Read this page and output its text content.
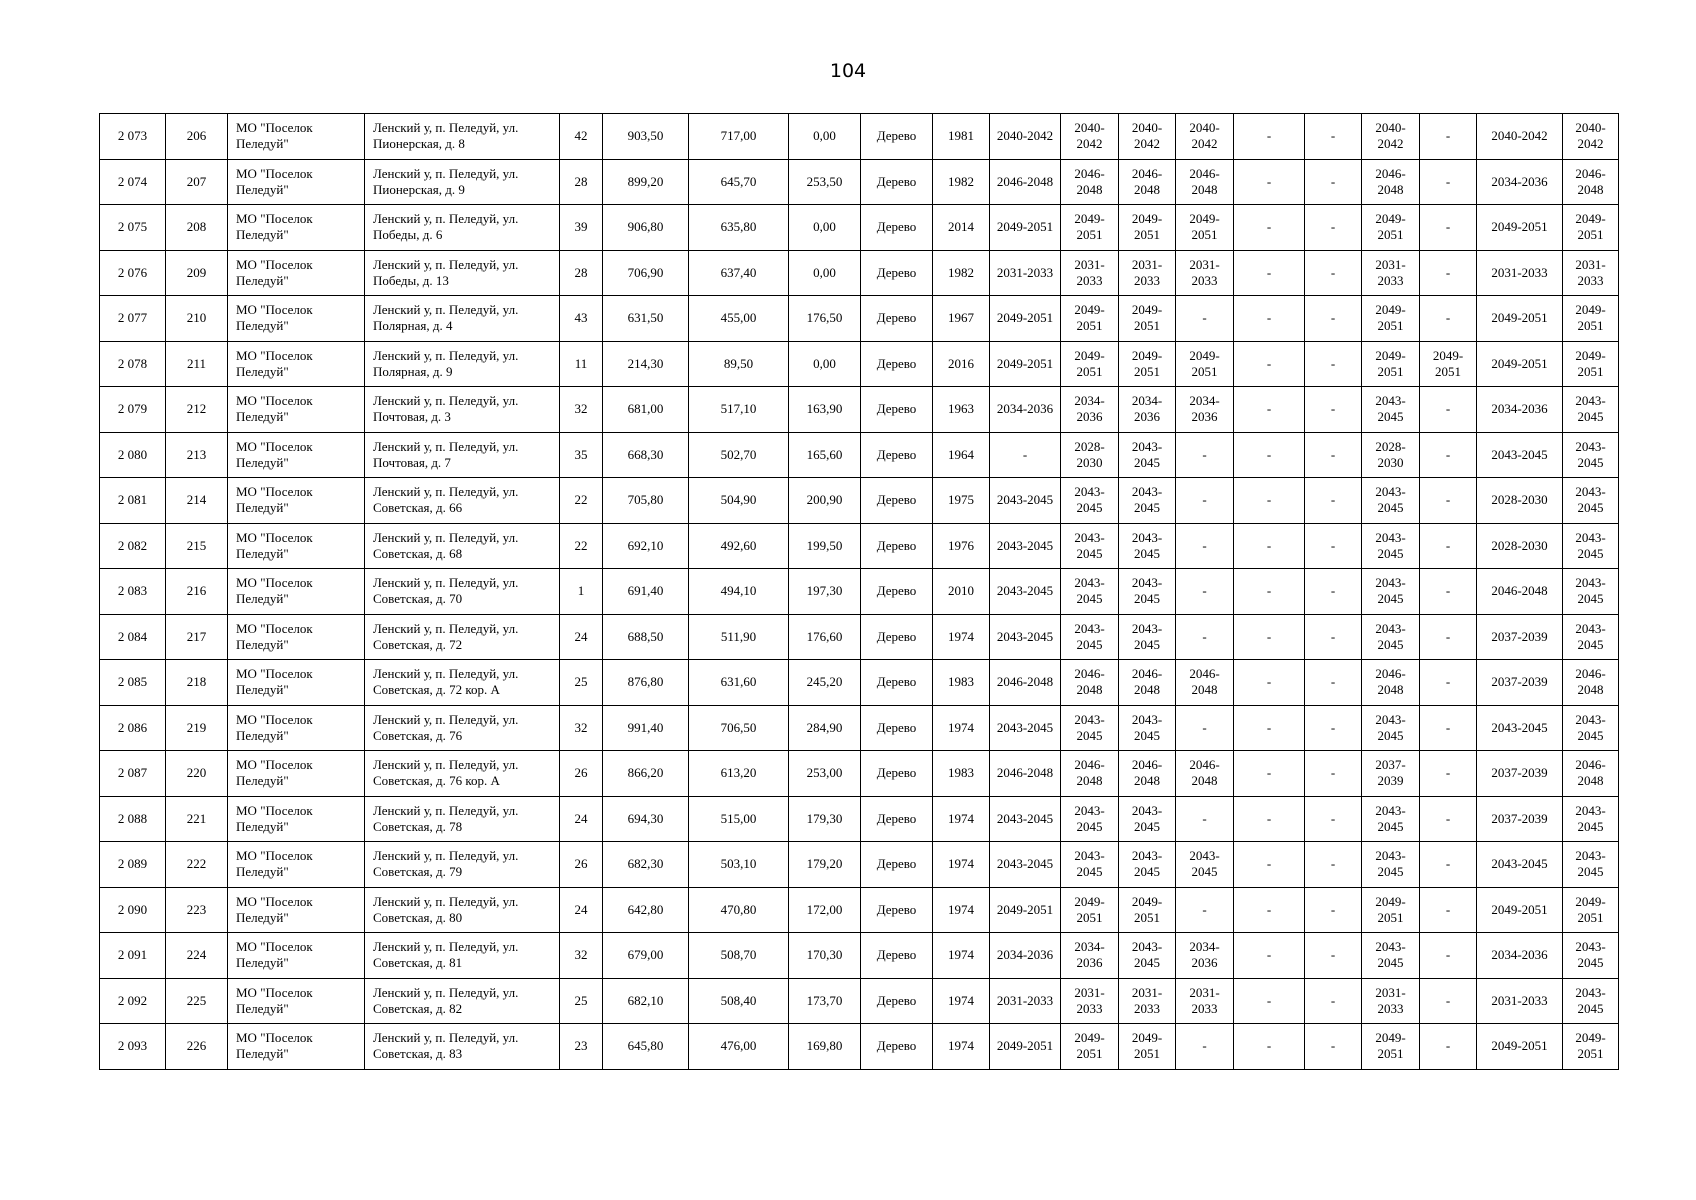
104
2 073	206	МО "Поселок Пеледуй"	Ленский у, п. Пеледуй, ул. Пионерская, д. 8	42	903,50	717,00	0,00	Дерево	1981	2040-2042	2040-2042	2040-2042	2040-2042	-	-	2040-2042	-	2040-2042	2040-2042
2 074	207	МО "Поселок Пеледуй"	Ленский у, п. Пеледуй, ул. Пионерская, д. 9	28	899,20	645,70	253,50	Дерево	1982	2046-2048	2046-2048	2046-2048	2046-2048	-	-	2046-2048	-	2034-2036	2046-2048
2 075	208	МО "Поселок Пеледуй"	Ленский у, п. Пеледуй, ул. Победы, д. 6	39	906,80	635,80	0,00	Дерево	2014	2049-2051	2049-2051	2049-2051	2049-2051	-	-	2049-2051	-	2049-2051	2049-2051
2 076	209	МО "Поселок Пеледуй"	Ленский у, п. Пеледуй, ул. Победы, д. 13	28	706,90	637,40	0,00	Дерево	1982	2031-2033	2031-2033	2031-2033	2031-2033	-	-	2031-2033	-	2031-2033	2031-2033
2 077	210	МО "Поселок Пеледуй"	Ленский у, п. Пеледуй, ул. Полярная, д. 4	43	631,50	455,00	176,50	Дерево	1967	2049-2051	2049-2051	2049-2051	-	-	-	2049-2051	-	2049-2051	2049-2051
2 078	211	МО "Поселок Пеледуй"	Ленский у, п. Пеледуй, ул. Полярная, д. 9	11	214,30	89,50	0,00	Дерево	2016	2049-2051	2049-2051	2049-2051	2049-2051	-	-	2049-2051	2049-2051	2049-2051	2049-2051
2 079	212	МО "Поселок Пеледуй"	Ленский у, п. Пеледуй, ул. Почтовая, д. 3	32	681,00	517,10	163,90	Дерево	1963	2034-2036	2034-2036	2034-2036	2034-2036	-	-	2043-2045	-	2034-2036	2043-2045
2 080	213	МО "Поселок Пеледуй"	Ленский у, п. Пеледуй, ул. Почтовая, д. 7	35	668,30	502,70	165,60	Дерево	1964	-	2028-2030	2043-2045	-	-	-	2028-2030	-	2043-2045	2043-2045
2 081	214	МО "Поселок Пеледуй"	Ленский у, п. Пеледуй, ул. Советская, д. 66	22	705,80	504,90	200,90	Дерево	1975	2043-2045	2043-2045	2043-2045	-	-	-	2043-2045	-	2028-2030	2043-2045
2 082	215	МО "Поселок Пеледуй"	Ленский у, п. Пеледуй, ул. Советская, д. 68	22	692,10	492,60	199,50	Дерево	1976	2043-2045	2043-2045	2043-2045	-	-	-	2043-2045	-	2028-2030	2043-2045
2 083	216	МО "Поселок Пеледуй"	Ленский у, п. Пеледуй, ул. Советская, д. 70	1	691,40	494,10	197,30	Дерево	2010	2043-2045	2043-2045	2043-2045	-	-	-	2043-2045	-	2046-2048	2043-2045
2 084	217	МО "Поселок Пеледуй"	Ленский у, п. Пеледуй, ул. Советская, д. 72	24	688,50	511,90	176,60	Дерево	1974	2043-2045	2043-2045	2043-2045	-	-	-	2043-2045	-	2037-2039	2043-2045
2 085	218	МО "Поселок Пеледуй"	Ленский у, п. Пеледуй, ул. Советская, д. 72 кор. А	25	876,80	631,60	245,20	Дерево	1983	2046-2048	2046-2048	2046-2048	2046-2048	-	-	2046-2048	-	2037-2039	2046-2048
2 086	219	МО "Поселок Пеледуй"	Ленский у, п. Пеледуй, ул. Советская, д. 76	32	991,40	706,50	284,90	Дерево	1974	2043-2045	2043-2045	2043-2045	-	-	-	2043-2045	-	2043-2045	2043-2045
2 087	220	МО "Поселок Пеледуй"	Ленский у, п. Пеледуй, ул. Советская, д. 76 кор. А	26	866,20	613,20	253,00	Дерево	1983	2046-2048	2046-2048	2046-2048	2046-2048	-	-	2037-2039	-	2037-2039	2046-2048
2 088	221	МО "Поселок Пеледуй"	Ленский у, п. Пеледуй, ул. Советская, д. 78	24	694,30	515,00	179,30	Дерево	1974	2043-2045	2043-2045	2043-2045	-	-	-	2043-2045	-	2037-2039	2043-2045
2 089	222	МО "Поселок Пеледуй"	Ленский у, п. Пеледуй, ул. Советская, д. 79	26	682,30	503,10	179,20	Дерево	1974	2043-2045	2043-2045	2043-2045	2043-2045	-	-	2043-2045	-	2043-2045	2043-2045
2 090	223	МО "Поселок Пеледуй"	Ленский у, п. Пеледуй, ул. Советская, д. 80	24	642,80	470,80	172,00	Дерево	1974	2049-2051	2049-2051	2049-2051	-	-	-	2049-2051	-	2049-2051	2049-2051
2 091	224	МО "Поселок Пеледуй"	Ленский у, п. Пеледуй, ул. Советская, д. 81	32	679,00	508,70	170,30	Дерево	1974	2034-2036	2034-2036	2043-2045	2034-2036	-	-	2043-2045	-	2034-2036	2043-2045
2 092	225	МО "Поселок Пеледуй"	Ленский у, п. Пеледуй, ул. Советская, д. 82	25	682,10	508,40	173,70	Дерево	1974	2031-2033	2031-2033	2031-2033	2031-2033	-	-	2031-2033	-	2031-2033	2043-2045
2 093	226	МО "Поселок Пеледуй"	Ленский у, п. Пеледуй, ул. Советская, д. 83	23	645,80	476,00	169,80	Дерево	1974	2049-2051	2049-2051	2049-2051	-	-	-	2049-2051	-	2049-2051	2049-2051
